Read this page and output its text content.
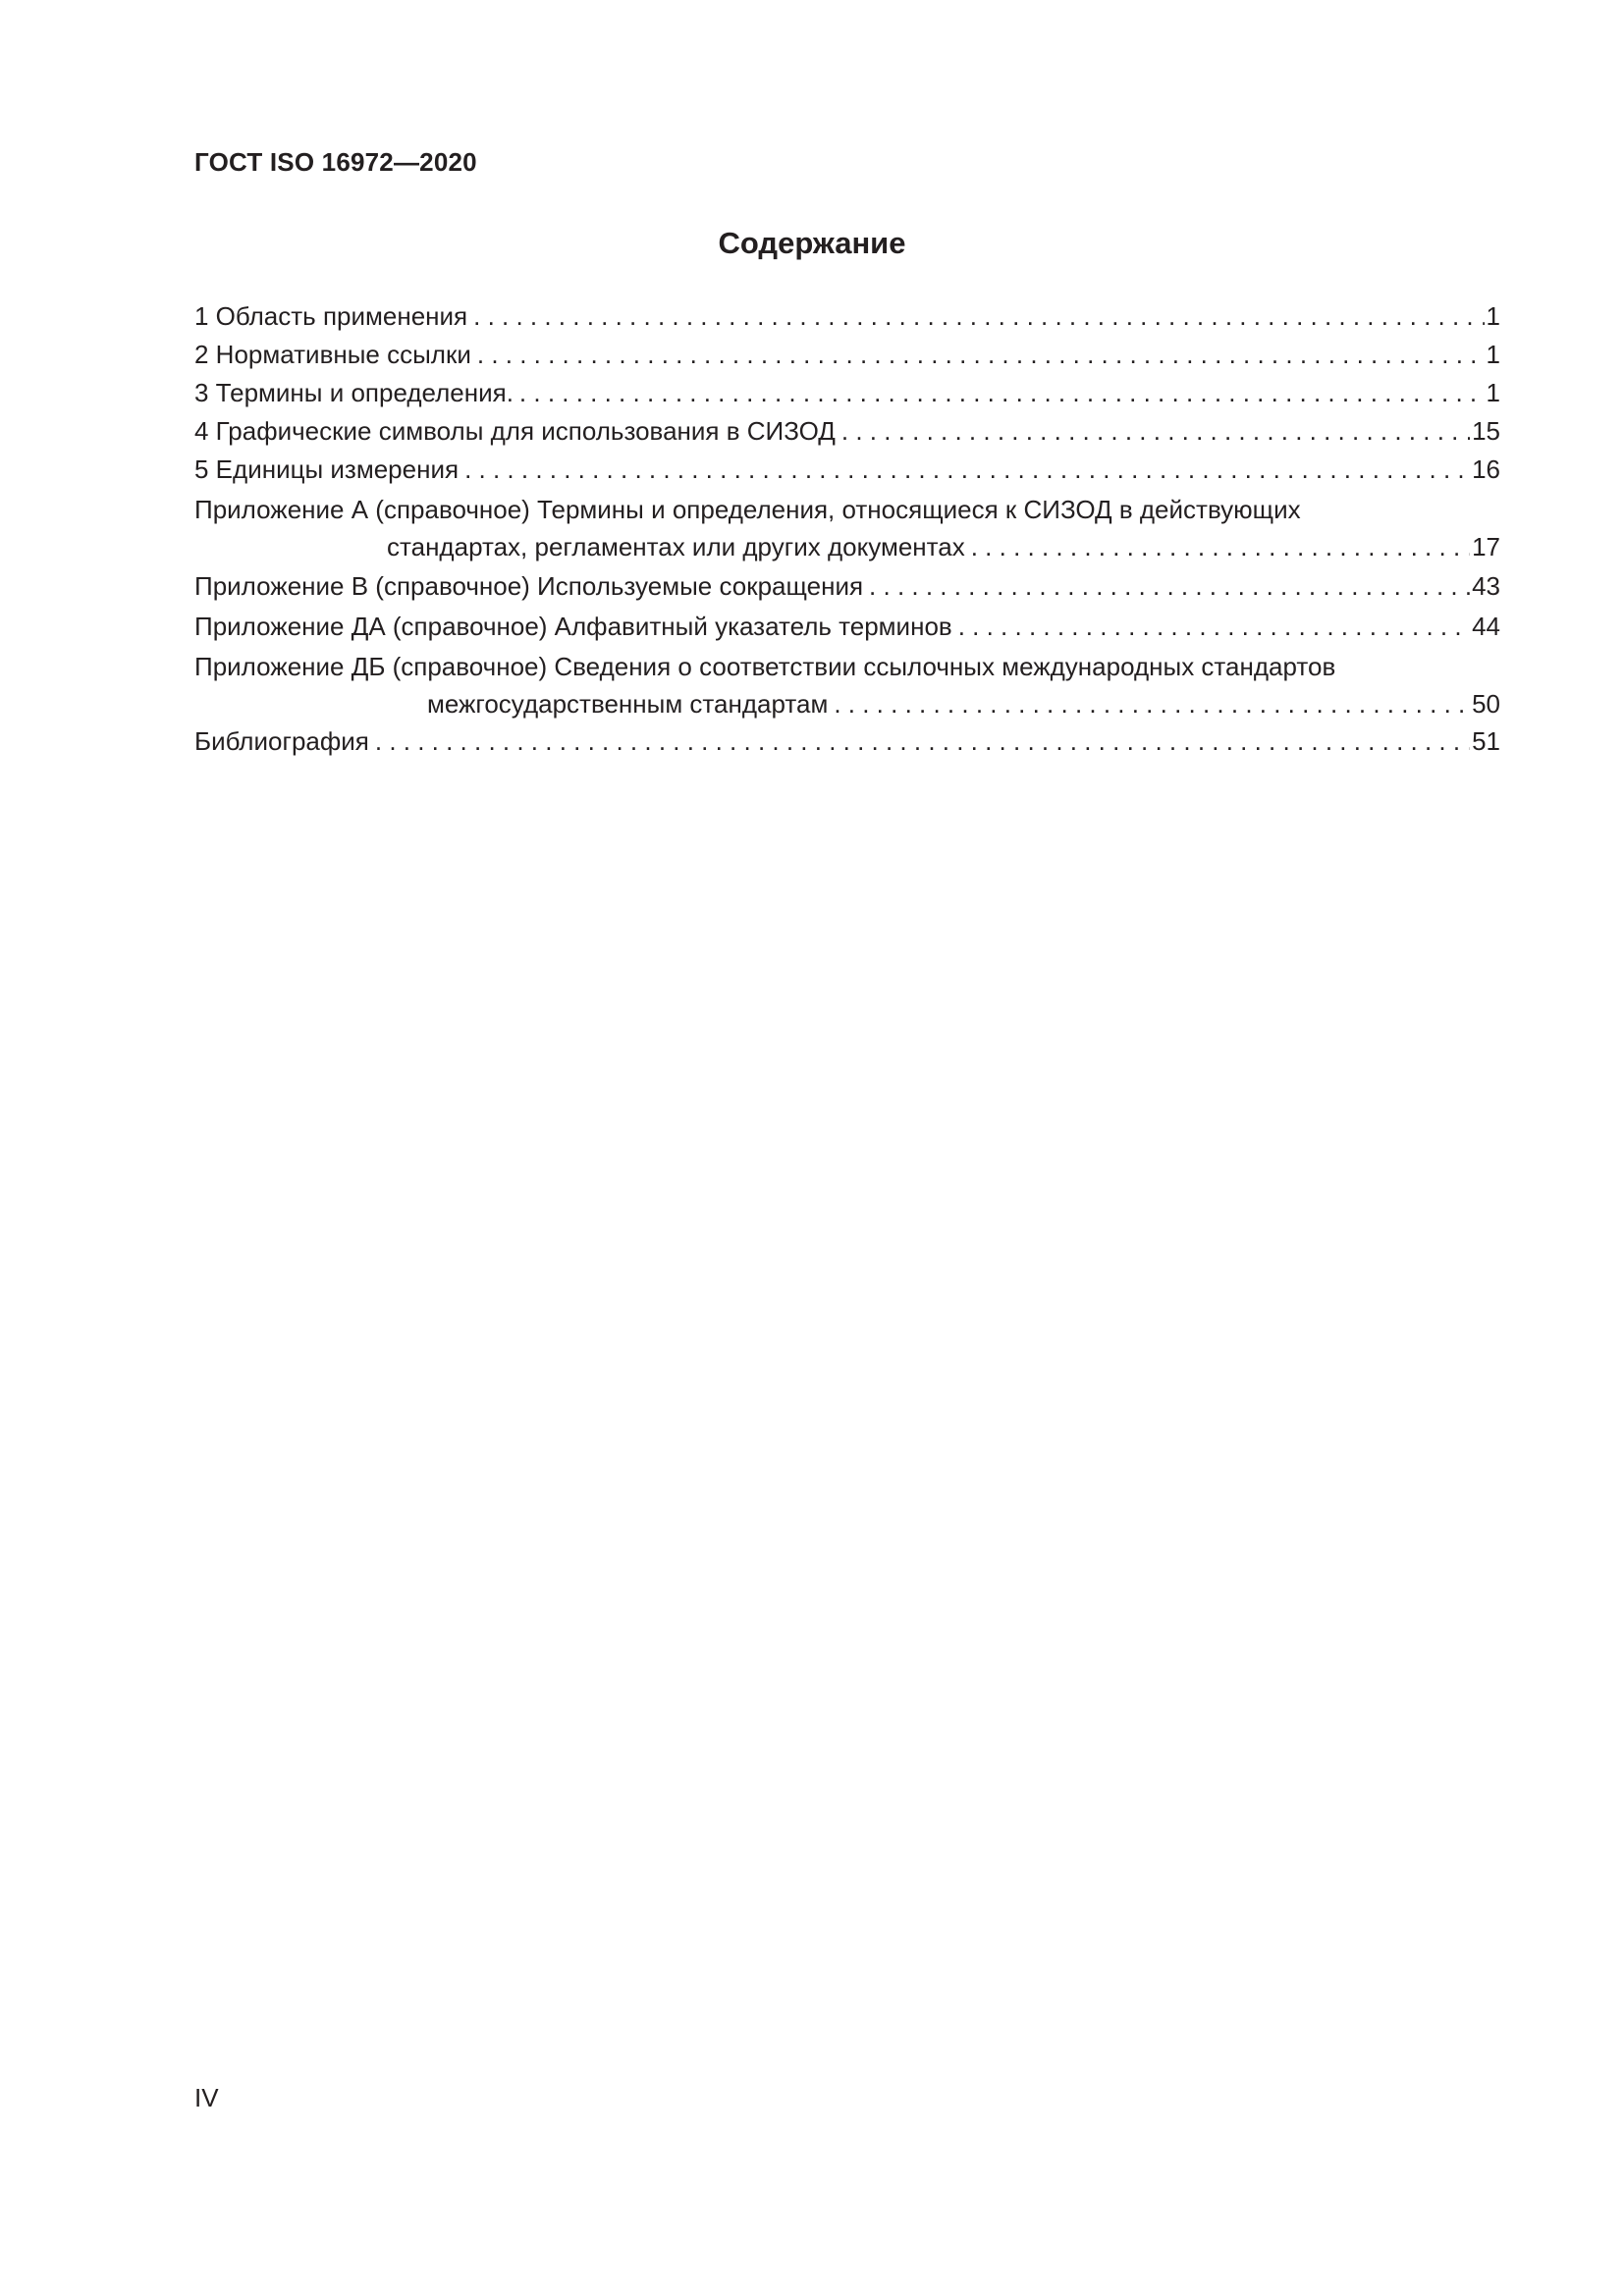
ГОСТ ISO 16972—2020
Содержание
1 Область применения . . .	1
2 Нормативные ссылки . . .	1
3 Термины и определения. . . .	1
4 Графические символы для использования в СИЗОД . . .	15
5 Единицы измерения . . .	16
Приложение А (справочное) Термины и определения, относящиеся к СИЗОД в действующих
стандартах, регламентах или других документах . . .	17
Приложение В (справочное) Используемые сокращения . . .	43
Приложение ДА (справочное) Алфавитный указатель терминов . . .	44
Приложение ДБ (справочное) Сведения о соответствии ссылочных международных стандартов
межгосударственным стандартам . . .	50
Библиография . . .	51
IV
